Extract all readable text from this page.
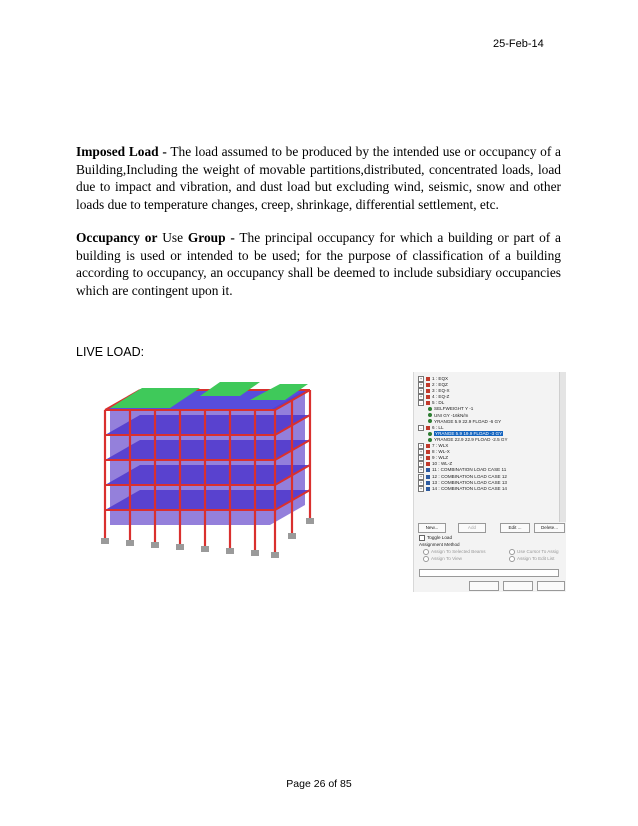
25-Feb-14
Imposed Load - The load assumed to be produced by the intended use or occupancy of a Building,Including the weight of movable partitions,distributed, concentrated loads, load due to impact and vibration, and dust load but excluding wind, seismic, snow and other loads due to temperature changes, creep, shrinkage, differential settlement, etc.
Occupancy or Use Group - The principal occupancy for which a building or part of a building is used or intended to be used; for the purpose of classification of a building according to occupancy, an occupancy shall be deemed to include subsidiary occupancies which are contingent upon it.
LIVE LOAD:
+ 1 : EQX
+ 2 : EQZ
+ 3 : EQ-X
+ 4 : EQ-Z
- 5 : DL
SELFWEIGHT Y -1
UNI GY -16kN/m
YRANGE 5.9 22.9 FLOAD -6 GY
- 6 : LL
YRANGE 5.9 19.9 FLOAD -3 GY
YRANGE 22.9 22.9 FLOAD -2.5 GY
+ 7 : WLX
+ 8 : WL-X
+ 9 : WLZ
+ 10 : WL-Z
+ 11 : COMBINATION LOAD CASE 11
+ 12 : COMBINATION LOAD CASE 12
+ 13 : COMBINATION LOAD CASE 13
+ 14 : COMBINATION LOAD CASE 14
New...	Add	Edit ...	Delete...
Toggle Load
Assignment Method
Assign To Selected Beams	Use Cursor To Assig
Assign To View	Assign To Edit List
Page 26 of 85
